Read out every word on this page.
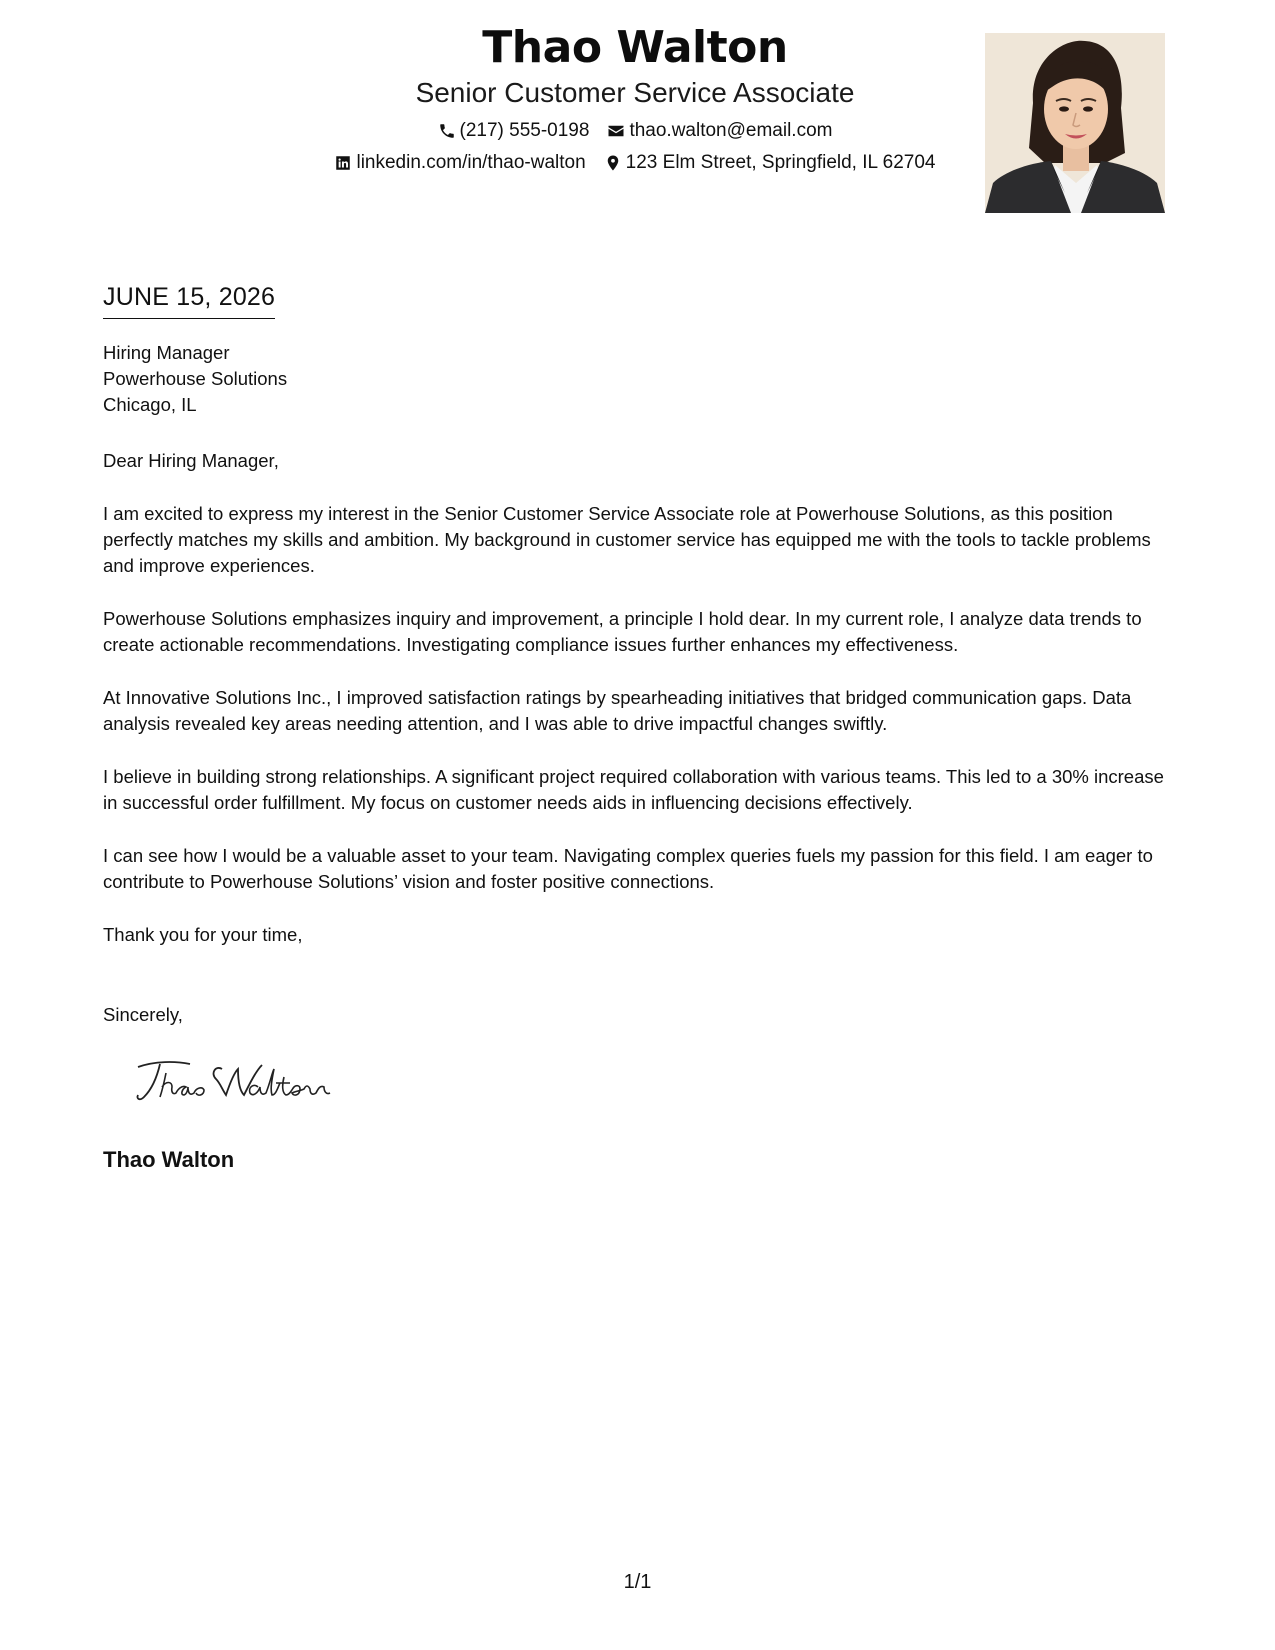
Thao Walton
Senior Customer Service Associate
(217) 555-0198 thao.walton@email.com
linkedin.com/in/thao-walton 123 Elm Street, Springfield, IL 62704
JUNE 15, 2026
Hiring Manager
Powerhouse Solutions
Chicago, IL

Dear Hiring Manager,

I am excited to express my interest in the Senior Customer Service Associate role at Powerhouse Solutions, as this position perfectly matches my skills and ambition. My background in customer service has equipped me with the tools to tackle problems and improve experiences.

Powerhouse Solutions emphasizes inquiry and improvement, a principle I hold dear. In my current role, I analyze data trends to create actionable recommendations. Investigating compliance issues further enhances my effectiveness.

At Innovative Solutions Inc., I improved satisfaction ratings by spearheading initiatives that bridged communication gaps. Data analysis revealed key areas needing attention, and I was able to drive impactful changes swiftly.

I believe in building strong relationships. A significant project required collaboration with various teams. This led to a 30% increase in successful order fulfillment. My focus on customer needs aids in influencing decisions effectively.

I can see how I would be a valuable asset to your team. Navigating complex queries fuels my passion for this field. I am eager to contribute to Powerhouse Solutions’ vision and foster positive connections.

Thank you for your time,

Sincerely,

Thao Walton
1/1
